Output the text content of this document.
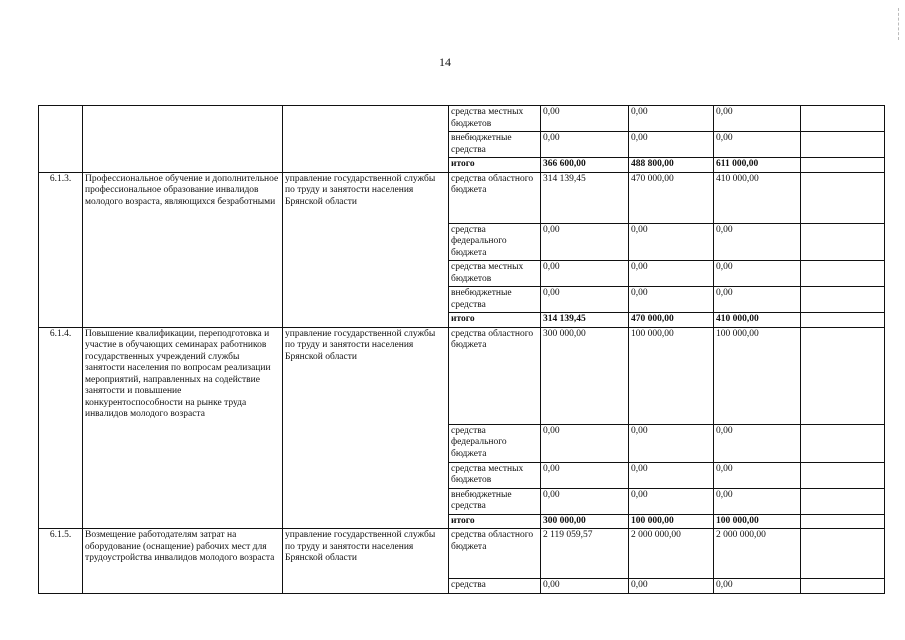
14
			средства местных бюджетов	0,00	0,00	0,00	
			внебюджетные средства	0,00	0,00	0,00	
			итого	366 600,00	488 800,00	611 000,00	
6.1.3.	Профессиональное обучение и дополнительное профессиональное образование инвалидов молодого возраста, являющихся безработными	управление государственной службы по труду и занятости населения Брянской области	средства областного бюджета	314 139,45	470 000,00	410 000,00	
			средства федерального бюджета	0,00	0,00	0,00	
			средства местных бюджетов	0,00	0,00	0,00	
			внебюджетные средства	0,00	0,00	0,00	
			итого	314 139,45	470 000,00	410 000,00	
6.1.4.	Повышение квалификации, переподготовка и участие в обучающих семинарах работников государственных учреждений службы занятости населения по вопросам реализации мероприятий, направленных на содействие занятости и повышение конкурентоспособности на рынке труда инвалидов молодого возраста	управление государственной службы по труду и занятости населения Брянской области	средства областного бюджета	300 000,00	100 000,00	100 000,00	
			средства федерального бюджета	0,00	0,00	0,00	
			средства местных бюджетов	0,00	0,00	0,00	
			внебюджетные средства	0,00	0,00	0,00	
			итого	300 000,00	100 000,00	100 000,00	
6.1.5.	Возмещение работодателям затрат на оборудование (оснащение) рабочих мест для трудоустройства инвалидов молодого возраста	управление государственной службы по труду и занятости населения Брянской области	средства областного бюджета	2 119 059,57	2 000 000,00	2 000 000,00	
			средства	0,00	0,00	0,00	
